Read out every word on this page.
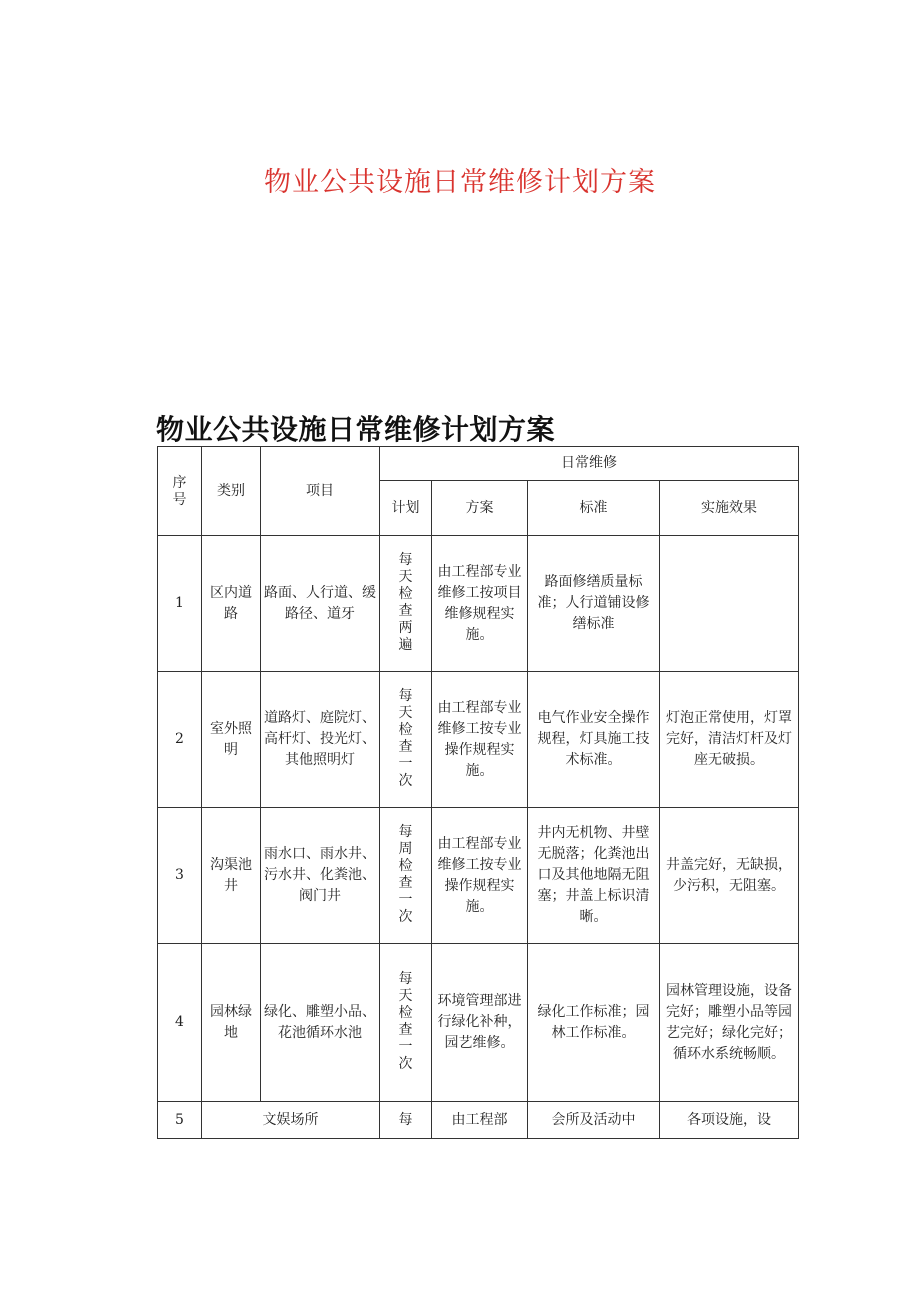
物业公共设施日常维修计划方案
物业公共设施日常维修计划方案
序号	类别	项目	日常维修			
			计划	方案	标准	实施效果
1	区内道路	路面、人行道、缓路径、道牙	每天检查两遍	由工程部专业维修工按项目维修规程实施。	路面修缮质量标准；人行道铺设修缮标准	
2	室外照明	道路灯、庭院灯、高杆灯、投光灯、其他照明灯	每天检查一次	由工程部专业维修工按专业操作规程实施。	电气作业安全操作规程，灯具施工技术标准。	灯泡正常使用，灯罩完好，清洁灯杆及灯座无破损。
3	沟渠池井	雨水口、雨水井、污水井、化粪池、阀门井	每周检查一次	由工程部专业维修工按专业操作规程实施。	井内无机物、井壁无脱落；化粪池出口及其他地隔无阻塞；井盖上标识清晰。	井盖完好，无缺损，少污积，无阻塞。
4	园林绿地	绿化、雕塑小品、花池循环水池	每天检查一次	环境管理部进行绿化补种，园艺维修。	绿化工作标准；园林工作标准。	园林管理设施，设备完好；雕塑小品等园艺完好；绿化完好；循环水系统畅顺。
5	文娱场所		每	由工程部	会所及活动中	各项设施，设
